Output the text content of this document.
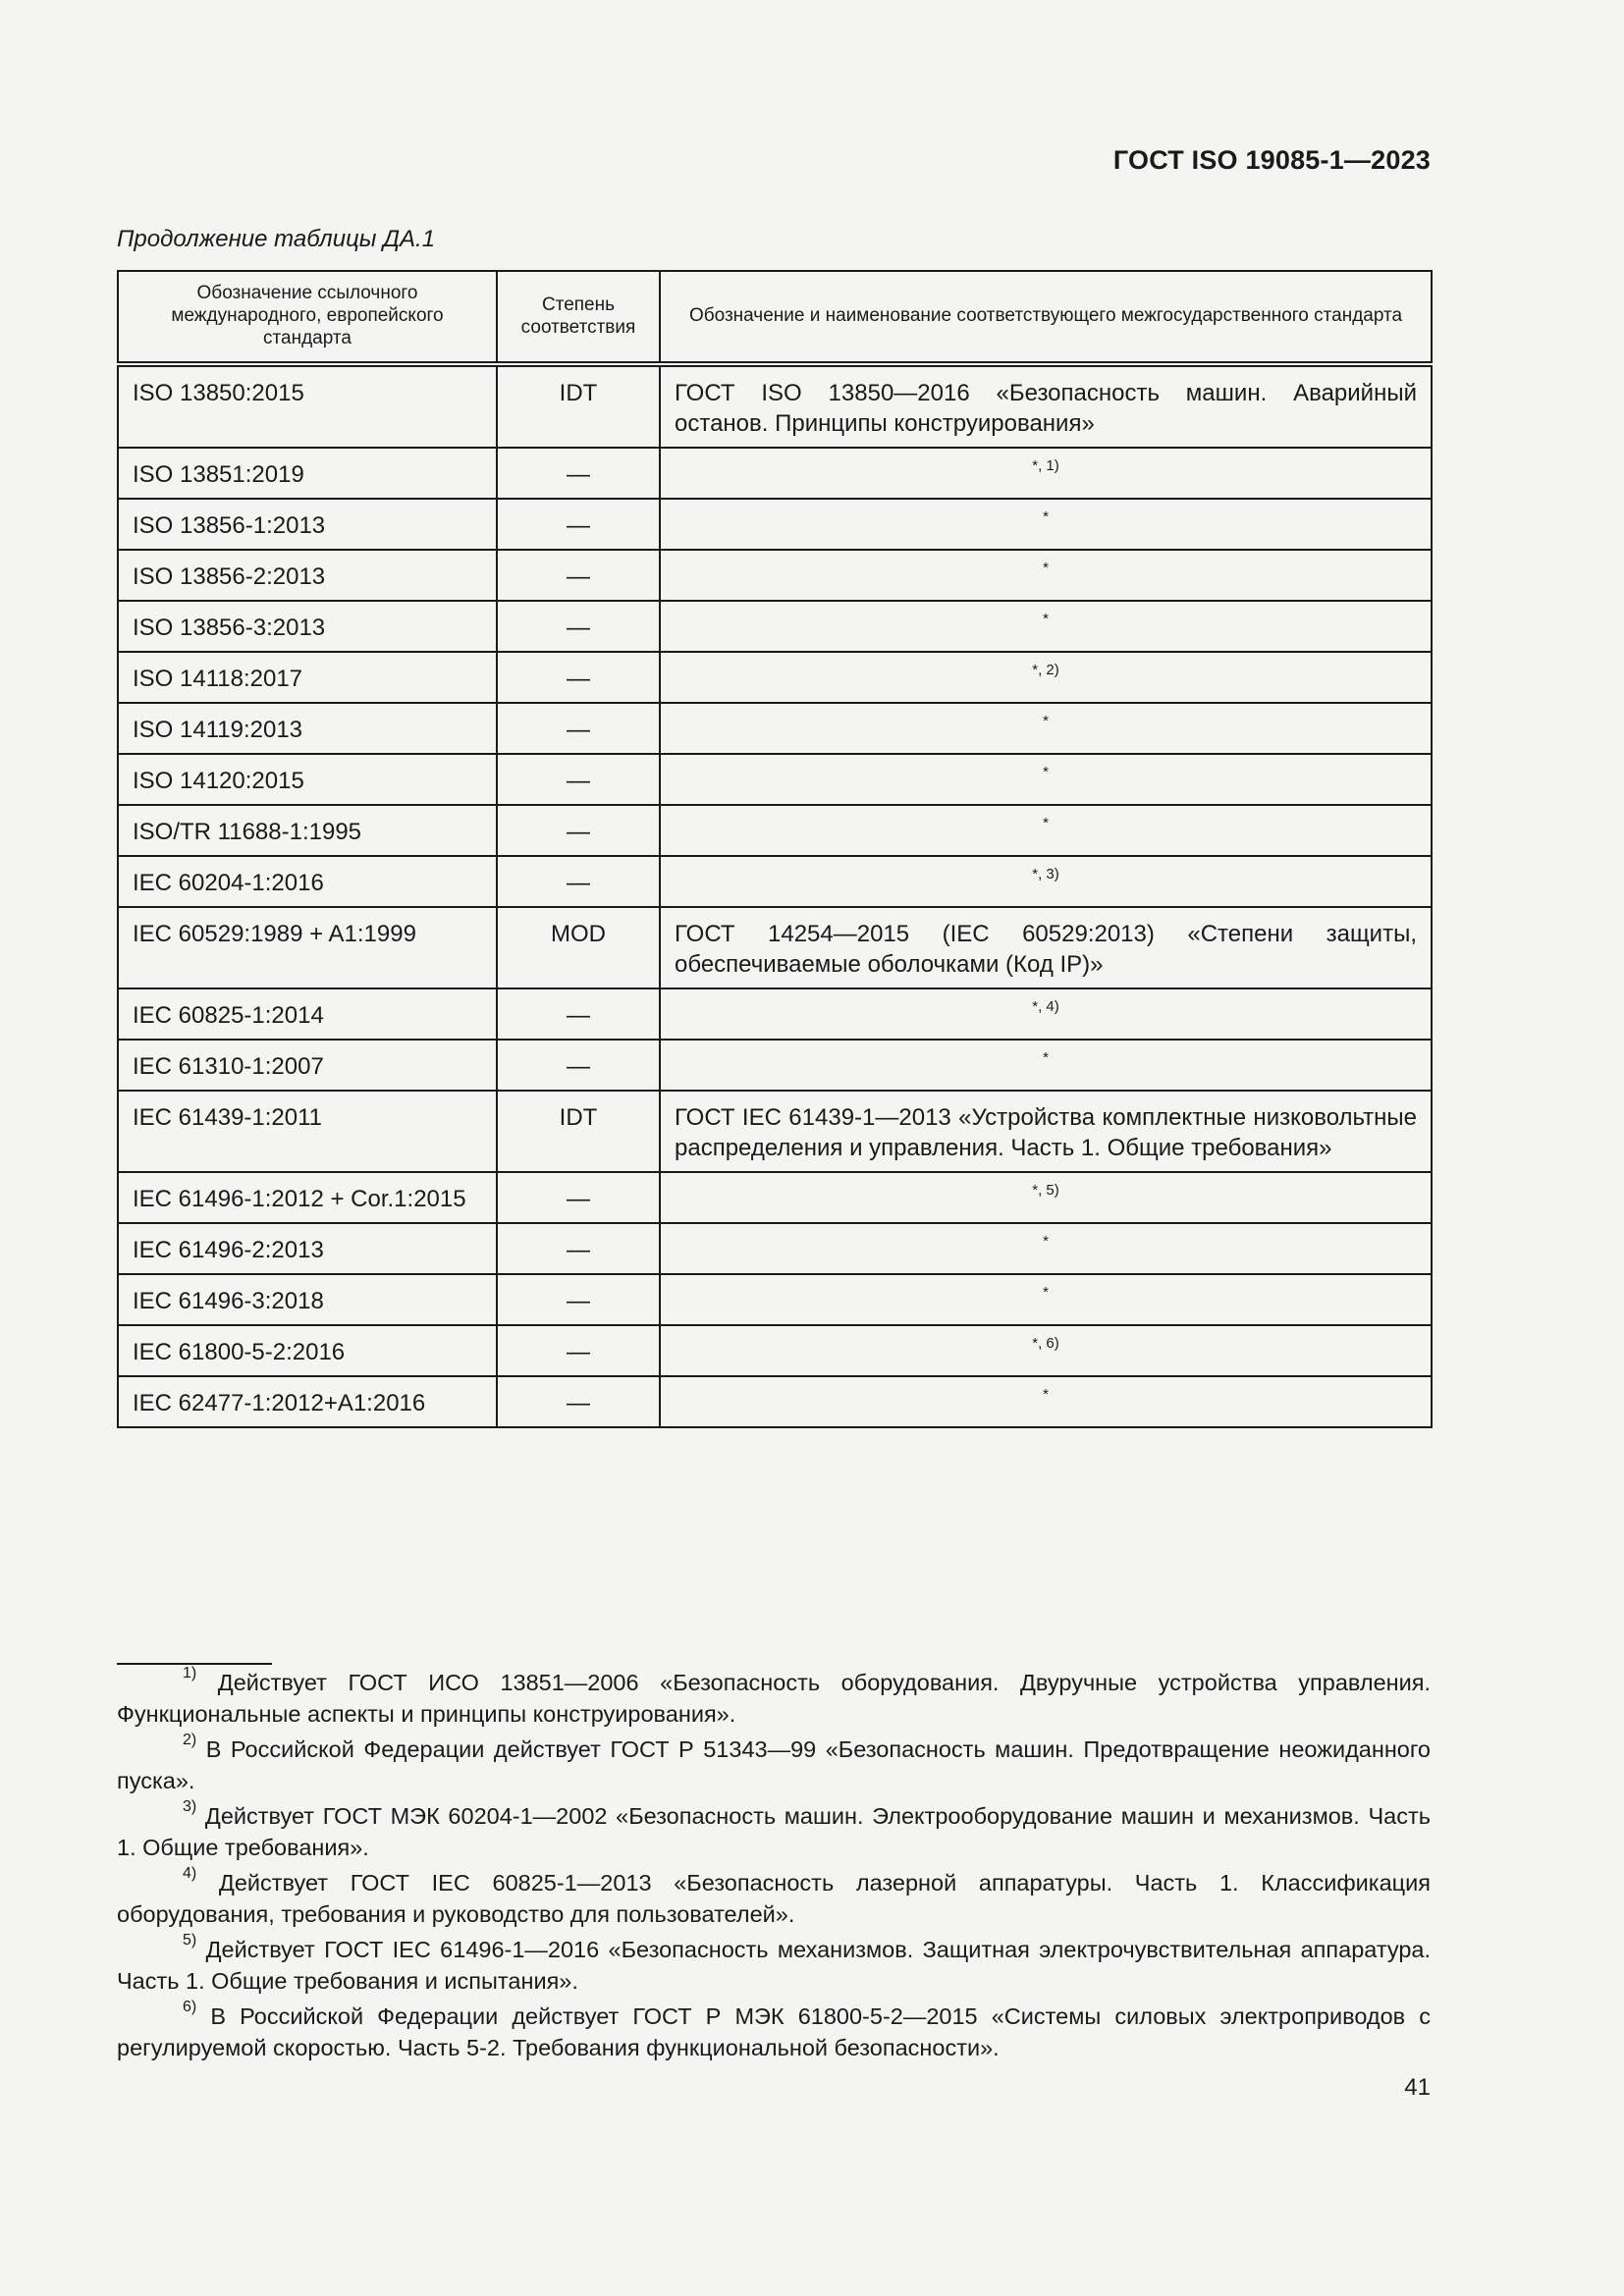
ГОСТ ISO 19085-1—2023
Продолжение таблицы ДА.1
Обозначение ссылочного международного, европейского стандарта	Степень соответствия	Обозначение и наименование соответствующего межгосударственного стандарта
ISO 13850:2015	IDT	ГОСТ ISO 13850—2016 «Безопасность машин. Аварийный останов. Принципы конструирования»
ISO 13851:2019	—	$^{*, 1)}$
ISO 13856-1:2013	—	*
ISO 13856-2:2013	—	*
ISO 13856-3:2013	—	*
ISO 14118:2017	—	$^{*, 2)}$
ISO 14119:2013	—	*
ISO 14120:2015	—	*
ISO/TR 11688-1:1995	—	*
IEC 60204-1:2016	—	$^{*, 3)}$
IEC 60529:1989 + A1:1999	MOD	ГОСТ 14254—2015 (IEC 60529:2013) «Степени защиты, обеспечиваемые оболочками (Код IP)»
IEC 60825-1:2014	—	$^{*, 4)}$
IEC 61310-1:2007	—	*
IEC 61439-1:2011	IDT	ГОСТ IEC 61439-1—2013 «Устройства комплектные низковольтные распределения и управления. Часть 1. Общие требования»
IEC 61496-1:2012 + Cor.1:2015	—	$^{*, 5)}$
IEC 61496-2:2013	—	*
IEC 61496-3:2018	—	*
IEC 61800-5-2:2016	—	$^{*, 6)}$
IEC 62477-1:2012+A1:2016	—	*

$^{1)}$ Действует ГОСТ ИСО 13851—2006 «Безопасность оборудования. Двуручные устройства управления. Функциональные аспекты и принципы конструирования».

$^{2)}$ В Российской Федерации действует ГОСТ Р 51343—99 «Безопасность машин. Предотвращение неожиданного пуска».

$^{3)}$ Действует ГОСТ МЭК 60204-1—2002 «Безопасность машин. Электрооборудование машин и механизмов. Часть 1. Общие требования».

$^{4)}$ Действует ГОСТ IEC 60825-1—2013 «Безопасность лазерной аппаратуры. Часть 1. Классификация оборудования, требования и руководство для пользователей».

$^{5)}$ Действует ГОСТ IEC 61496-1—2016 «Безопасность механизмов. Защитная электрочувствительная аппаратура. Часть 1. Общие требования и испытания».

$^{6)}$ В Российской Федерации действует ГОСТ Р МЭК 61800-5-2—2015 «Системы силовых электроприводов с регулируемой скоростью. Часть 5-2. Требования функциональной безопасности».

41
